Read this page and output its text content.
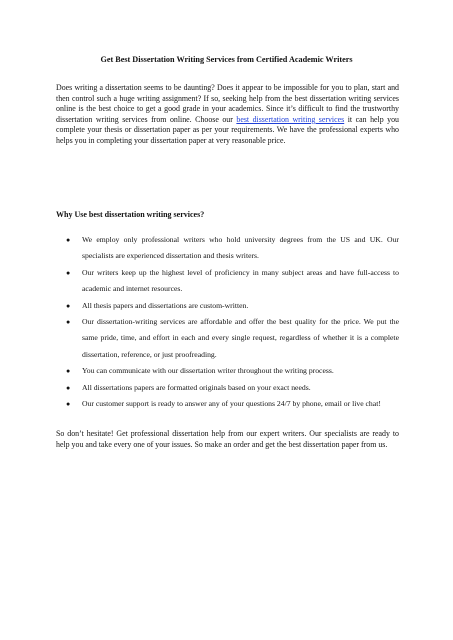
Get Best Dissertation Writing Services from Certified Academic Writers

Does writing a dissertation seems to be daunting? Does it appear to be impossible for you to plan, start and then control such a huge writing assignment? If so, seeking help from the best dissertation writing services online is the best choice to get a good grade in your academics. Since it’s difficult to find the trustworthy dissertation writing services from online. Choose our best dissertation writing services it can help you complete your thesis or dissertation paper as per your requirements. We have the professional experts who helps you in completing your dissertation paper at very reasonable price.

Why Use best dissertation writing services?
●	We employ only professional writers who hold university degrees from the US and UK. Our specialists are experienced dissertation and thesis writers.
●	Our writers keep up the highest level of proficiency in many subject areas and have full-access to academic and internet resources.
●	All thesis papers and dissertations are custom-written.
●	Our dissertation-writing services are affordable and offer the best quality for the price. We put the same pride, time, and effort in each and every single request, regardless of whether it is a complete dissertation, reference, or just proofreading.
●	You can communicate with our dissertation writer throughout the writing process.
●	All dissertations papers are formatted originals based on your exact needs.
●	Our customer support is ready to answer any of your questions 24/7 by phone, email or live chat!

So don’t hesitate! Get professional dissertation help from our expert writers. Our specialists are ready to help you and take every one of your issues. So make an order and get the best dissertation paper from us.
